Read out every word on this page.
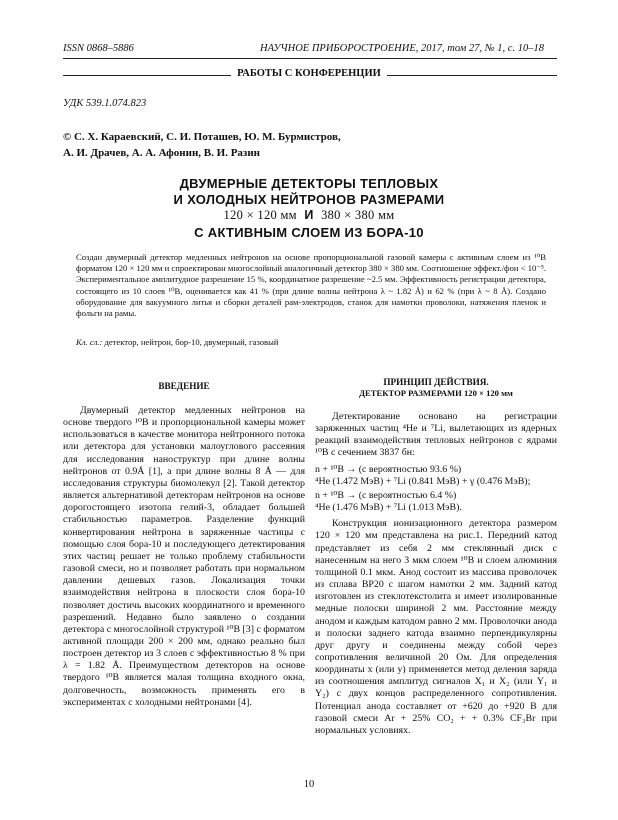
ISSN 0868–5886	НАУЧНОЕ ПРИБОРОСТРОЕНИЕ, 2017, том 27, № 1, с. 10–18
РАБОТЫ С КОНФЕРЕНЦИИ
УДК 539.1.074.823
© С. Х. Караевский, С. И. Поташев, Ю. М. Бурмистров,
А. И. Драчев, А. А. Афонин, В. И. Разин
ДВУМЕРНЫЕ ДЕТЕКТОРЫ ТЕПЛОВЫХ
И ХОЛОДНЫХ НЕЙТРОНОВ РАЗМЕРАМИ
120 × 120 мм И 380 × 380 мм
С АКТИВНЫМ СЛОЕМ ИЗ БОРА-10
Создан двумерный детектор медленных нейтронов на основе пропорциональной газовой камеры с активным слоем из ¹⁰B форматом 120 × 120 мм и спроектирован многослойный аналогичный детектор 380 × 380 мм. Соотношение эффект./фон < 10⁻⁵. Экспериментальное амплитудное разрешение 15 %, координатное разрешение ~2.5 мм. Эффективность регистрации детектора, состоящего из 10 слоев ¹⁰B, оценивается как 41 % (при длине волны нейтрона λ ~ 1.82 Å) и 62 % (при λ ~ 8 Å). Создано оборудование для вакуумного литья и сборки деталей рам-электродов, станок для намотки проволоки, натяжения пленок и фольги на рамы.
Кл. сл.: детектор, нейтрон, бор-10, двумерный, газовый
ВВЕДЕНИЕ

Двумерный детектор медленных нейтронов на основе твердого ¹⁰B и пропорциональной камеры может использоваться в качестве монитора нейтронного потока или детектора для установки малоуглового рассеяния для исследования наноструктур при длине волны нейтронов от 0.9Å [1], а при длине волны 8 Å — для исследования структуры биомолекул [2]. Такой детектор является альтернативой детекторам нейтронов на основе дорогостоящего изотопа гелий-3, обладает большей стабильностью параметров. Разделение функций конвертирования нейтрона в заряженные частицы с помощью слоя бора-10 и последующего детектирования этих частиц решает не только проблему стабильности газовой смеси, но и позволяет работать при нормальном давлении дешевых газов. Локализация точки взаимодействия нейтрона в плоскости слоя бора-10 позволяет достичь высоких координатного и временного разрешений. Недавно было заявлено о создании детектора с многослойной структурой ¹⁰B [3] с форматом активной площади 200 × 200 мм, однако реально был построен детектор из 3 слоев с эффективностью 8 % при λ = 1.82 Å. Преимуществом детекторов на основе твердого ¹⁰B является малая толщина входного окна, долговечность, возможность применять его в экспериментах с холодными нейтронами [4].

ПРИНЦИП ДЕЙСТВИЯ.
ДЕТЕКТОР РАЗМЕРАМИ 120 × 120 мм

Детектирование основано на регистрации заряженных частиц ⁴He и ⁷Li, вылетающих из ядерных реакций взаимодействия тепловых нейтронов с ядрами ¹⁰B с сечением 3837 бн:

n + ¹⁰B → (с вероятностью 93.6 %)
⁴He (1.472 МэВ) + ⁷Li (0.841 МэВ) + γ (0.476 МэВ);
n + ¹⁰B → (с вероятностью 6.4 %)
⁴He (1.476 МэВ) + ⁷Li (1.013 МэВ).

Конструкция ионизационного детектора размером 120 × 120 мм представлена на рис.1. Передний катод представляет из себя 2 мм стеклянный диск с нанесенным на него 3 мкм слоем ¹⁰B и слоем алюминия толщиной 0.1 мкм. Анод состоит из массива проволочек из сплава ВР20 с шагом намотки 2 мм. Задний катод изготовлен из стеклотекстолита и имеет изолированные медные полоски шириной 2 мм. Расстояние между анодом и каждым катодом равно 2 мм. Проволочки анода и полоски заднего катода взаимно перпендикулярны друг другу и соединены между собой через сопротивления величиной 20 Ом. Для определения координаты x (или y) применяется метод деления заряда из соотношения амплитуд сигналов X₁ и X₂ (или Y₁ и Y₂) с двух концов распределенного сопротивления. Потенциал анода составляет от +620 до +920 В для газовой смеси Ar + 25% CO₂ + + 0.3% CF₃Br при нормальных условиях.

10
